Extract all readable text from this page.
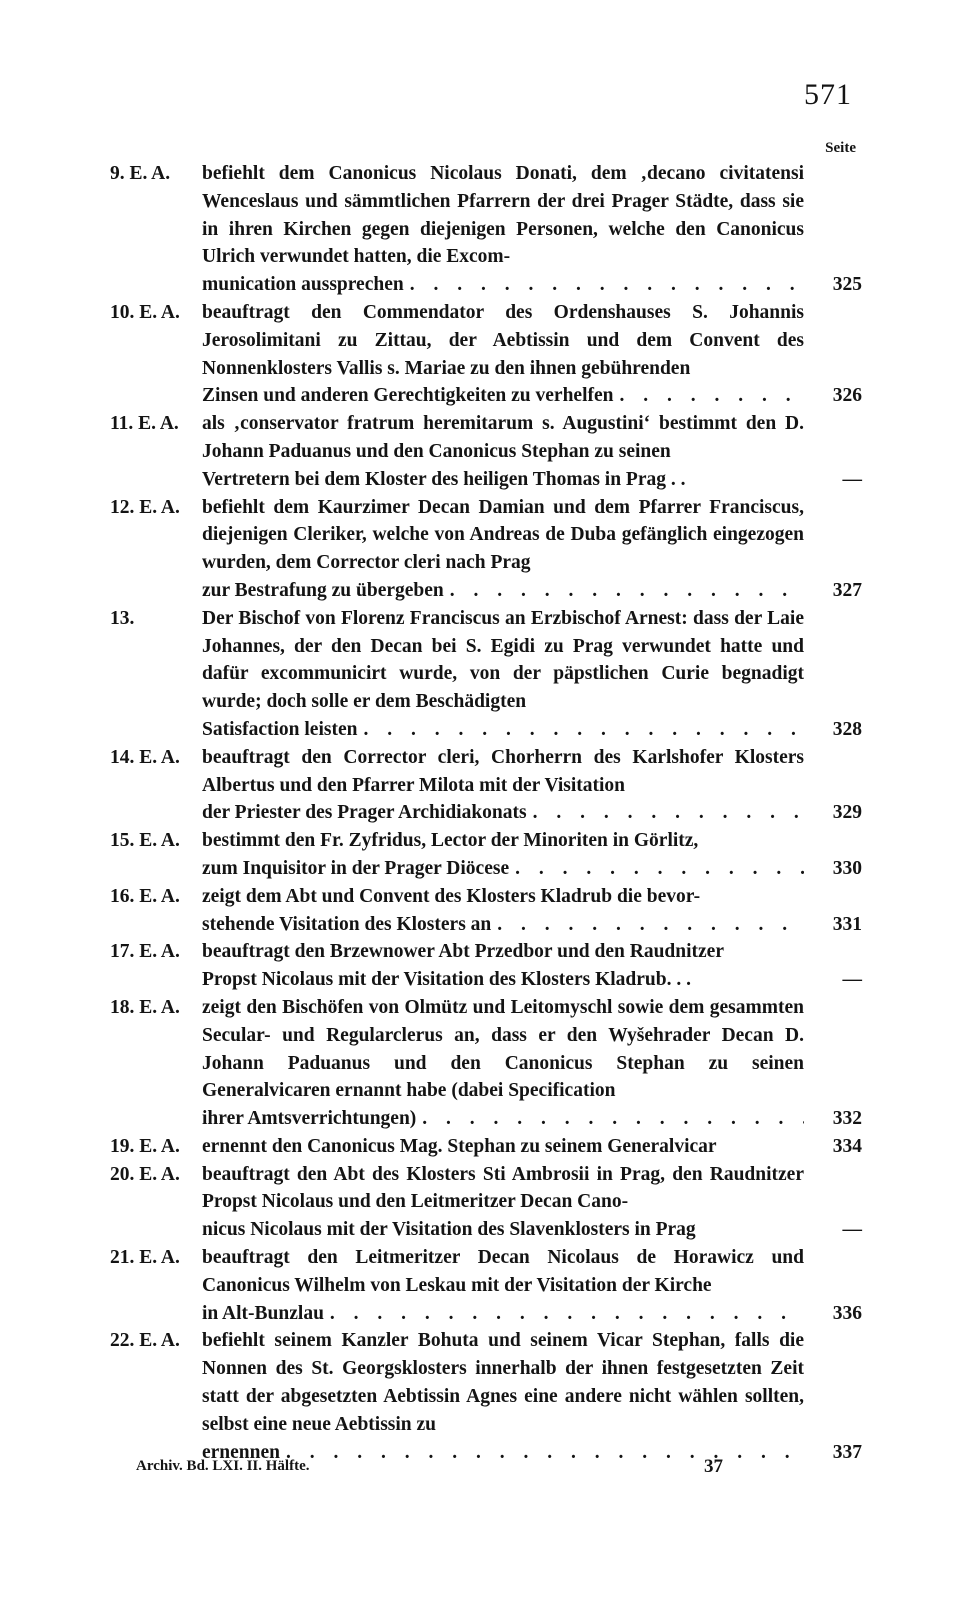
571
Seite
9. E. A.	befiehlt dem Canonicus Nicolaus Donati, dem ‚decano civitatensi Wenceslaus und sämmtlichen Pfarrern der drei Prager Städte, dass sie in ihren Kirchen gegen diejenigen Personen, welche den Canonicus Ulrich verwundet hatten, die Excom-
munication aussprechen . . .	325
10. E. A.	beauftragt den Commendator des Ordenshauses S. Johannis Jerosolimitani zu Zittau, der Aebtissin und dem Convent des Nonnenklosters Vallis s. Mariae zu den ihnen gebührenden
Zinsen und anderen Gerechtigkeiten zu verhelfen . . .	326
11. E. A.	als ‚conservator fratrum heremitarum s. Augustini‘ bestimmt den D. Johann Paduanus und den Canonicus Stephan zu seinen
Vertretern bei dem Kloster des heiligen Thomas in Prag . .	—
12. E. A.	befiehlt dem Kaurzimer Decan Damian und dem Pfarrer Franciscus, diejenigen Cleriker, welche von Andreas de Duba gefänglich eingezogen wurden, dem Corrector cleri nach Prag
zur Bestrafung zu übergeben . . .	327
13.	Der Bischof von Florenz Franciscus an Erzbischof Arnest: dass der Laie Johannes, der den Decan bei S. Egidi zu Prag verwundet hatte und dafür excommunicirt wurde, von der päpstlichen Curie begnadigt wurde; doch solle er dem Beschädigten
Satisfaction leisten . . .	328
14. E. A.	beauftragt den Corrector cleri, Chorherrn des Karlshofer Klosters Albertus und den Pfarrer Milota mit der Visitation
der Priester des Prager Archidiakonats . . .	329
15. E. A.	bestimmt den Fr. Zyfridus, Lector der Minoriten in Görlitz,
zum Inquisitor in der Prager Diöcese . . .	330
16. E. A.	zeigt dem Abt und Convent des Klosters Kladrub die bevor-
stehende Visitation des Klosters an . . .	331
17. E. A.	beauftragt den Brzewnower Abt Przedbor und den Raudnitzer
Propst Nicolaus mit der Visitation des Klosters Kladrub. . .	—
18. E. A.	zeigt den Bischöfen von Olmütz und Leitomyschl sowie dem gesammten Secular- und Regularclerus an, dass er den Wyšehrader Decan D. Johann Paduanus und den Canonicus Stephan zu seinen Generalvicaren ernannt habe (dabei Specification
ihrer Amtsverrichtungen) . . .	332
19. E. A.	ernennt den Canonicus Mag. Stephan zu seinem Generalvicar	334
20. E. A.	beauftragt den Abt des Klosters Sti Ambrosii in Prag, den Raudnitzer Propst Nicolaus und den Leitmeritzer Decan Cano-
nicus Nicolaus mit der Visitation des Slavenklosters in Prag	—
21. E. A.	beauftragt den Leitmeritzer Decan Nicolaus de Horawicz und Canonicus Wilhelm von Leskau mit der Visitation der Kirche
in Alt-Bunzlau . . .	336
22. E. A.	befiehlt seinem Kanzler Bohuta und seinem Vicar Stephan, falls die Nonnen des St. Georgsklosters innerhalb der ihnen festgesetzten Zeit statt der abgesetzten Aebtissin Agnes eine andere nicht wählen sollten, selbst eine neue Aebtissin zu
ernennen . . .	337
Archiv. Bd. LXI. II. Hälfte.	37
